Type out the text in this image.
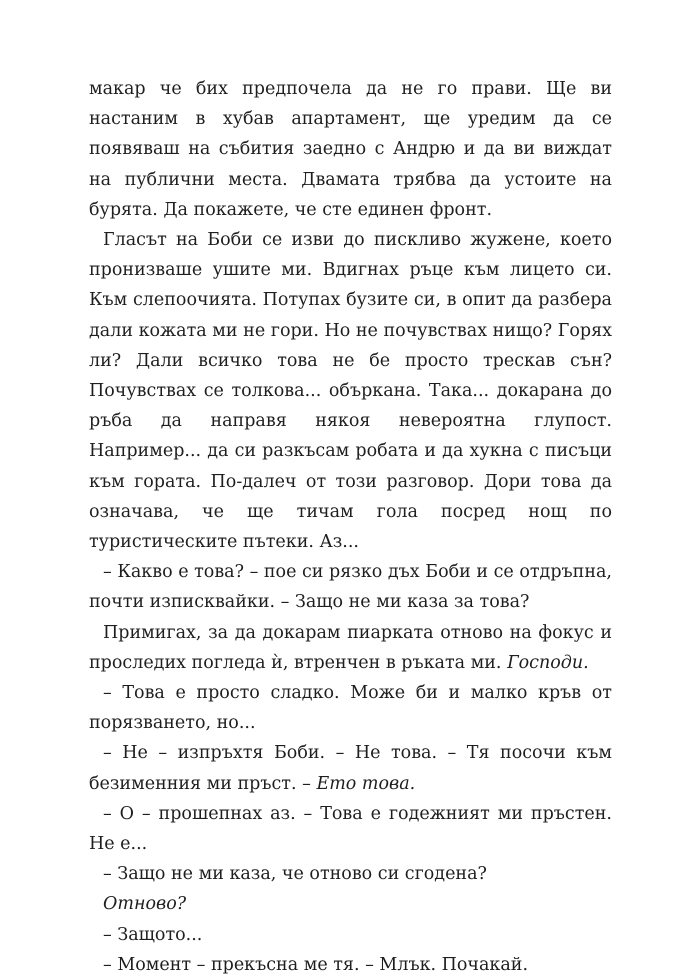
макар че бих предпочела да не го прави. Ще ви настаним в хубав апартамент, ще уредим да се появяваш на събития заедно с Андрю и да ви виждат на публични места. Двамата трябва да устоите на бурята. Да покажете, че сте единен фронт.

Гласът на Боби се изви до пискливо жужене, което пронизваше ушите ми. Вдигнах ръце към лицето си. Към слепоочията. Потупах бузите си, в опит да разбера дали кожата ми не гори. Но не почувствах нищо? Горях ли? Дали всичко това не бе просто трескав сън? Почувствах се толкова... объркана. Така... докарана до ръба да направя някоя невероятна глупост. Например... да си разкъсам робата и да хукна с писъци към гората. По-далеч от този разговор. Дори това да означава, че ще тичам гола посред нощ по туристическите пътеки. Аз...

– Какво е това? – пое си рязко дъх Боби и се отдръпна, почти изписквайки. – Защо не ми каза за това?

Примигах, за да докарам пиарката отново на фокус и проследих погледа ѝ, втренчен в ръката ми. Господи.

– Това е просто сладко. Може би и малко кръв от порязването, но...

– Не – изпръхтя Боби. – Не това. – Тя посочи към безименния ми пръст. – Ето това.

– О – прошепнах аз. – Това е годежният ми пръстен. Не е...

– Защо не ми каза, че отново си сгодена?

Отново?

– Защото...

– Момент – прекъсна ме тя. – Млък. Почакай.
